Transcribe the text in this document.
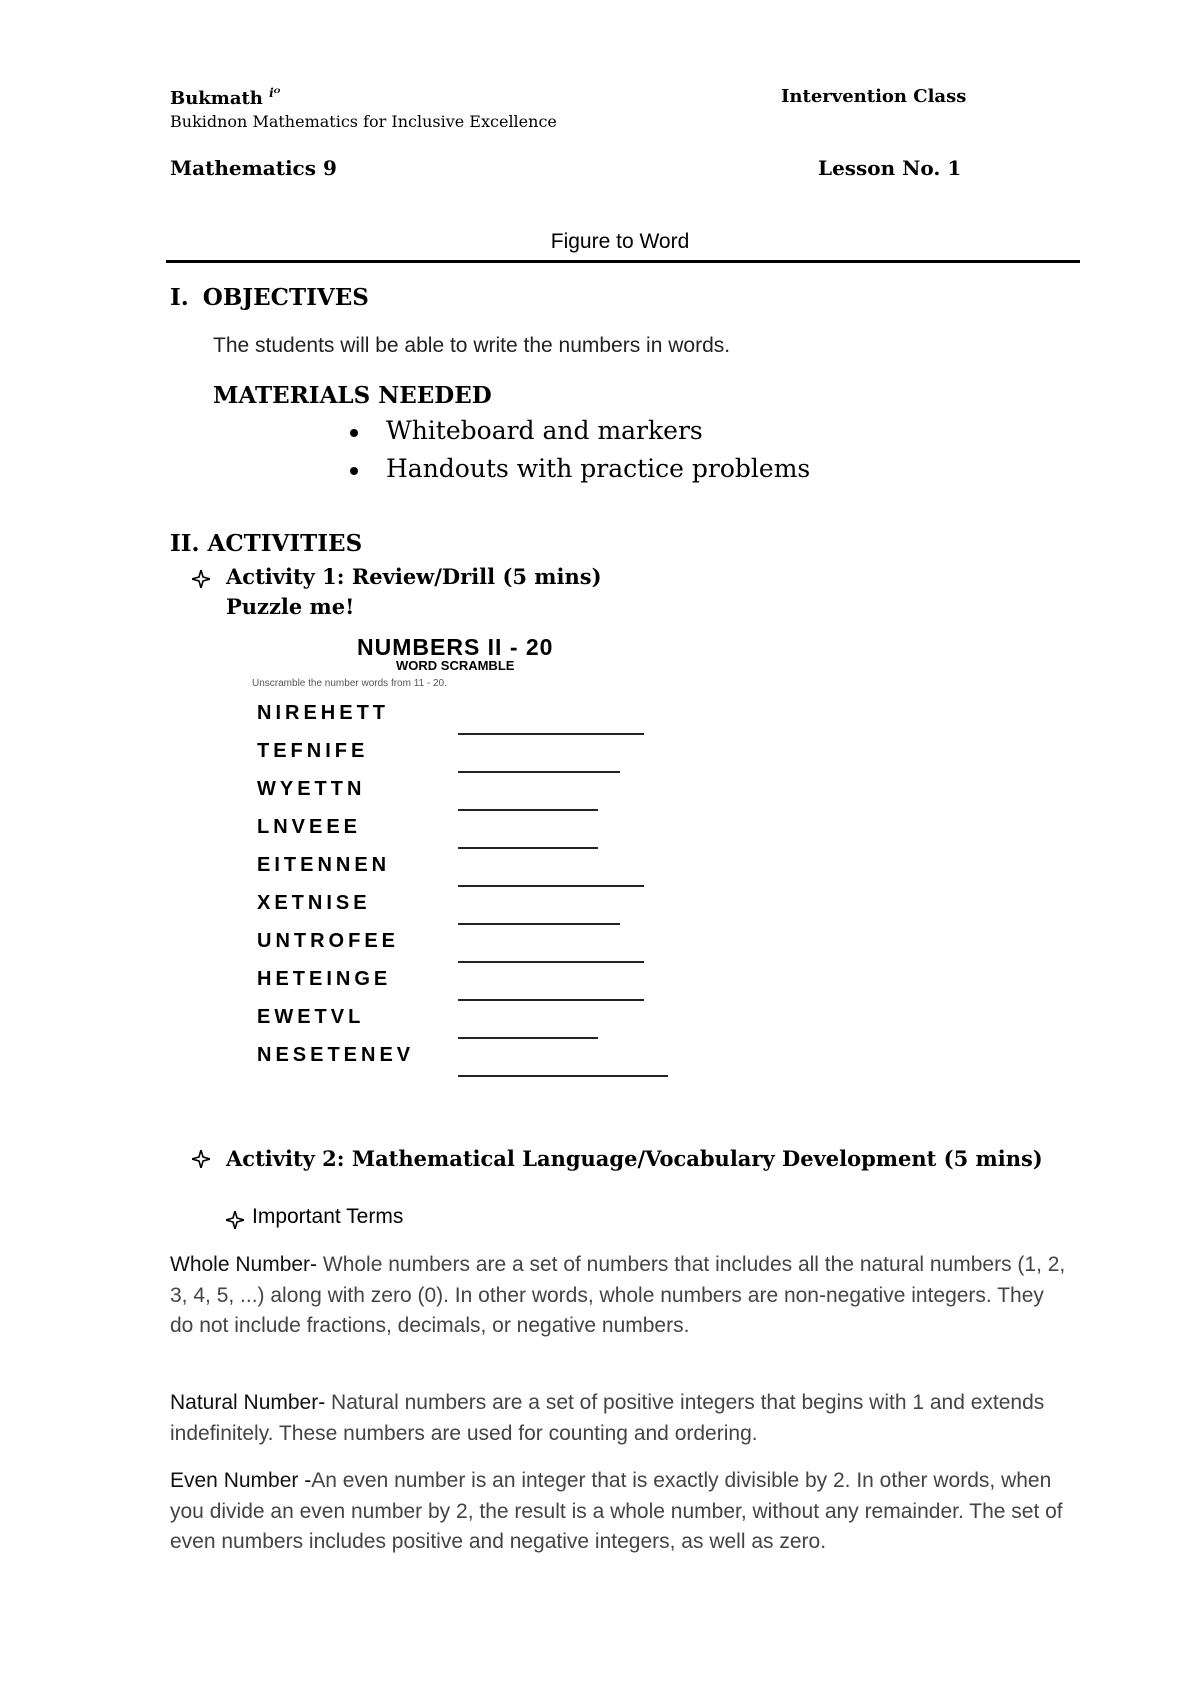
Bukmath $^{iᴼ}$
Bukidnon Mathematics for Inclusive Excellence
Intervention Class
Mathematics 9	Lesson No. 1
Figure to Word
I. OBJECTIVES
The students will be able to write the numbers in words.
MATERIALS NEEDED
Whiteboard and markers
Handouts with practice problems
II. ACTIVITIES
Activity 1: Review/Drill (5 mins)
Puzzle me!
NUMBERS II - 20
WORD SCRAMBLE
Unscramble the number words from 11 - 20.
NIREHETT
TEFNIFE
WYETTN
LNVEEE
EITENNEN
XETNISE
UNTROFEE
HETEINGE
EWETVL
NESETENEV
Activity 2: Mathematical Language/Vocabulary Development (5 mins)
Important Terms
Whole Number- Whole numbers are a set of numbers that includes all the natural numbers (1, 2, 3, 4, 5, ...) along with zero (0). In other words, whole numbers are non-negative integers. They do not include fractions, decimals, or negative numbers.
Natural Number- Natural numbers are a set of positive integers that begins with 1 and extends indefinitely. These numbers are used for counting and ordering.
Even Number -An even number is an integer that is exactly divisible by 2. In other words, when you divide an even number by 2, the result is a whole number, without any remainder. The set of even numbers includes positive and negative integers, as well as zero.
